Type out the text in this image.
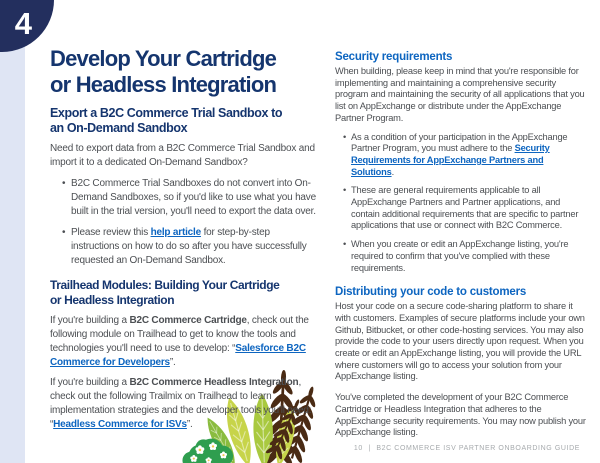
4
Develop Your Cartridge
or Headless Integration
Export a B2C Commerce Trial Sandbox to
an On-Demand Sandbox

Need to export data from a B2C Commerce Trial Sandbox and import it to a dedicated On-Demand Sandbox?

• B2C Commerce Trial Sandboxes do not convert into On-Demand Sandboxes, so if you'd like to use what you have built in the trial version, you'll need to export the data over.
• Please review this help article for step-by-step instructions on how to do so after you have successfully requested an On-Demand Sandbox.
Trailhead Modules: Building Your Cartridge
or Headless Integration

If you're building a B2C Commerce Cartridge, check out the following module on Trailhead to get to know the tools and technologies you'll need to use to develop: “Salesforce B2C Commerce for Developers”.

If you're building a B2C Commerce Headless Integration, check out the following Trailmix on Trailhead to learn implementation strategies and the developer tools you'll need: “Headless Commerce for ISVs”.

Security requirements

When building, please keep in mind that you're responsible for implementing and maintaining a comprehensive security program and maintaining the security of all applications that you list on AppExchange or distribute under the AppExchange Partner Program.

• As a condition of your participation in the AppExchange Partner Program, you must adhere to the Security Requirements for AppExchange Partners and Solutions.
• These are general requirements applicable to all AppExchange Partners and Partner applications, and contain additional requirements that are specific to partner applications that use or connect with B2C Commerce.
• When you create or edit an AppExchange listing, you're required to confirm that you've complied with these requirements.
Distributing your code to customers

Host your code on a secure code-sharing platform to share it with customers. Examples of secure platforms include your own Github, Bitbucket, or other code-hosting services. You may also provide the code to your users directly upon request. When you create or edit an AppExchange listing, you will provide the URL where customers will go to access your solution from your AppExchange listing.

You've completed the development of your B2C Commerce Cartridge or Headless Integration that adheres to the AppExchange security requirements. You may now publish your AppExchange listing.

10 | B2C COMMERCE ISV PARTNER ONBOARDING GUIDE
